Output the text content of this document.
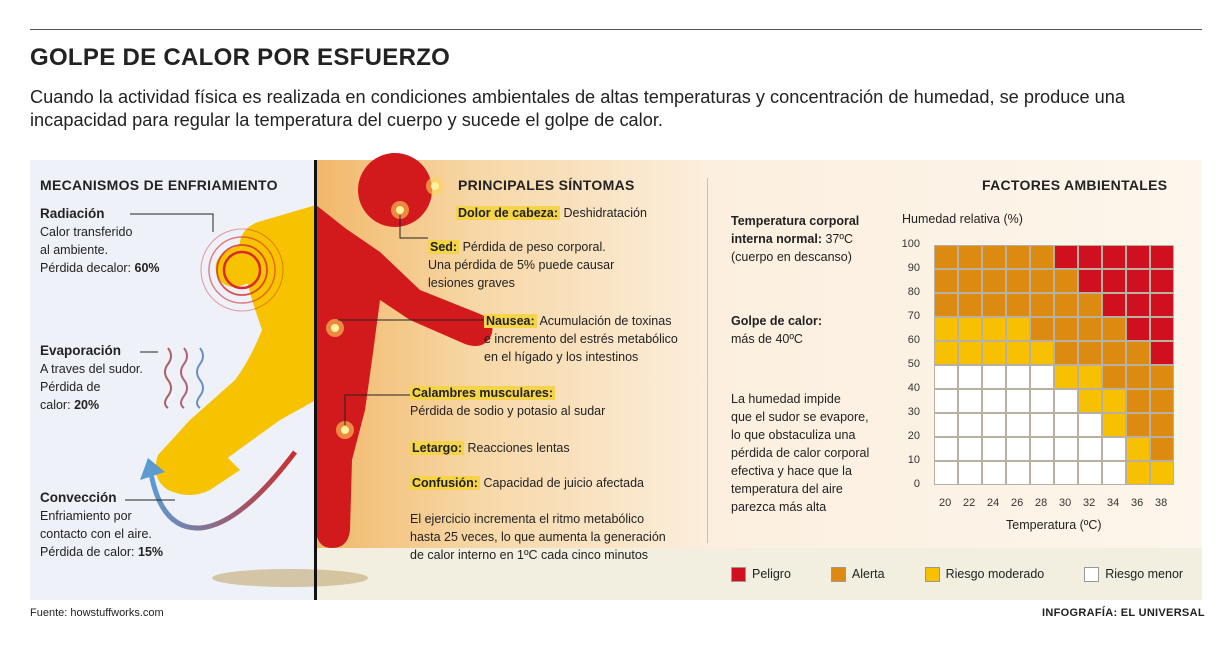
GOLPE DE CALOR POR ESFUERZO
Cuando la actividad física es realizada en condiciones ambientales de altas temperaturas y concentración de humedad, se produce una incapacidad para regular la temperatura del cuerpo y sucede el golpe de calor.
MECANISMOS DE ENFRIAMIENTO
Radiación
Calor transferido
al ambiente.
Pérdida decalor: 60%
Evaporación
A traves del sudor.
Pérdida de
calor: 20%
Convección
Enfriamiento por
contacto con el aire.
Pérdida de calor: 15%
PRINCIPALES SÍNTOMAS
Dolor de cabeza: Deshidratación
Sed: Pérdida de peso corporal.
Una pérdida de 5% puede causar
lesiones graves
Nausea: Acumulación de toxinas
e incremento del estrés metabólico
en el hígado y los intestinos
Calambres musculares:
Pérdida de sodio y potasio al sudar
Letargo: Reacciones lentas
Confusión: Capacidad de juicio afectada
El ejercicio incrementa el ritmo metabólico
hasta 25 veces, lo que aumenta la generación
de calor interno en 1ºC cada cinco minutos
FACTORES AMBIENTALES
Temperatura corporal
interna normal: 37ºC
(cuerpo en descanso)
Golpe de calor:
más de 40ºC
La humedad impide
que el sudor se evapore,
lo que obstaculiza una
pérdida de calor corporal
efectiva y hace que la
temperatura del aire
parezca más alta
Humedad relativa (%)
0
10
20
30
40
50
60
70
80
90
100
20 22 24 26 28 30 32 34 36 38
Temperatura (ºC)
Peligro	Alerta	Riesgo moderado	Riesgo menor
Fuente: howstuffworks.com	INFOGRAFÍA: EL UNIVERSAL
